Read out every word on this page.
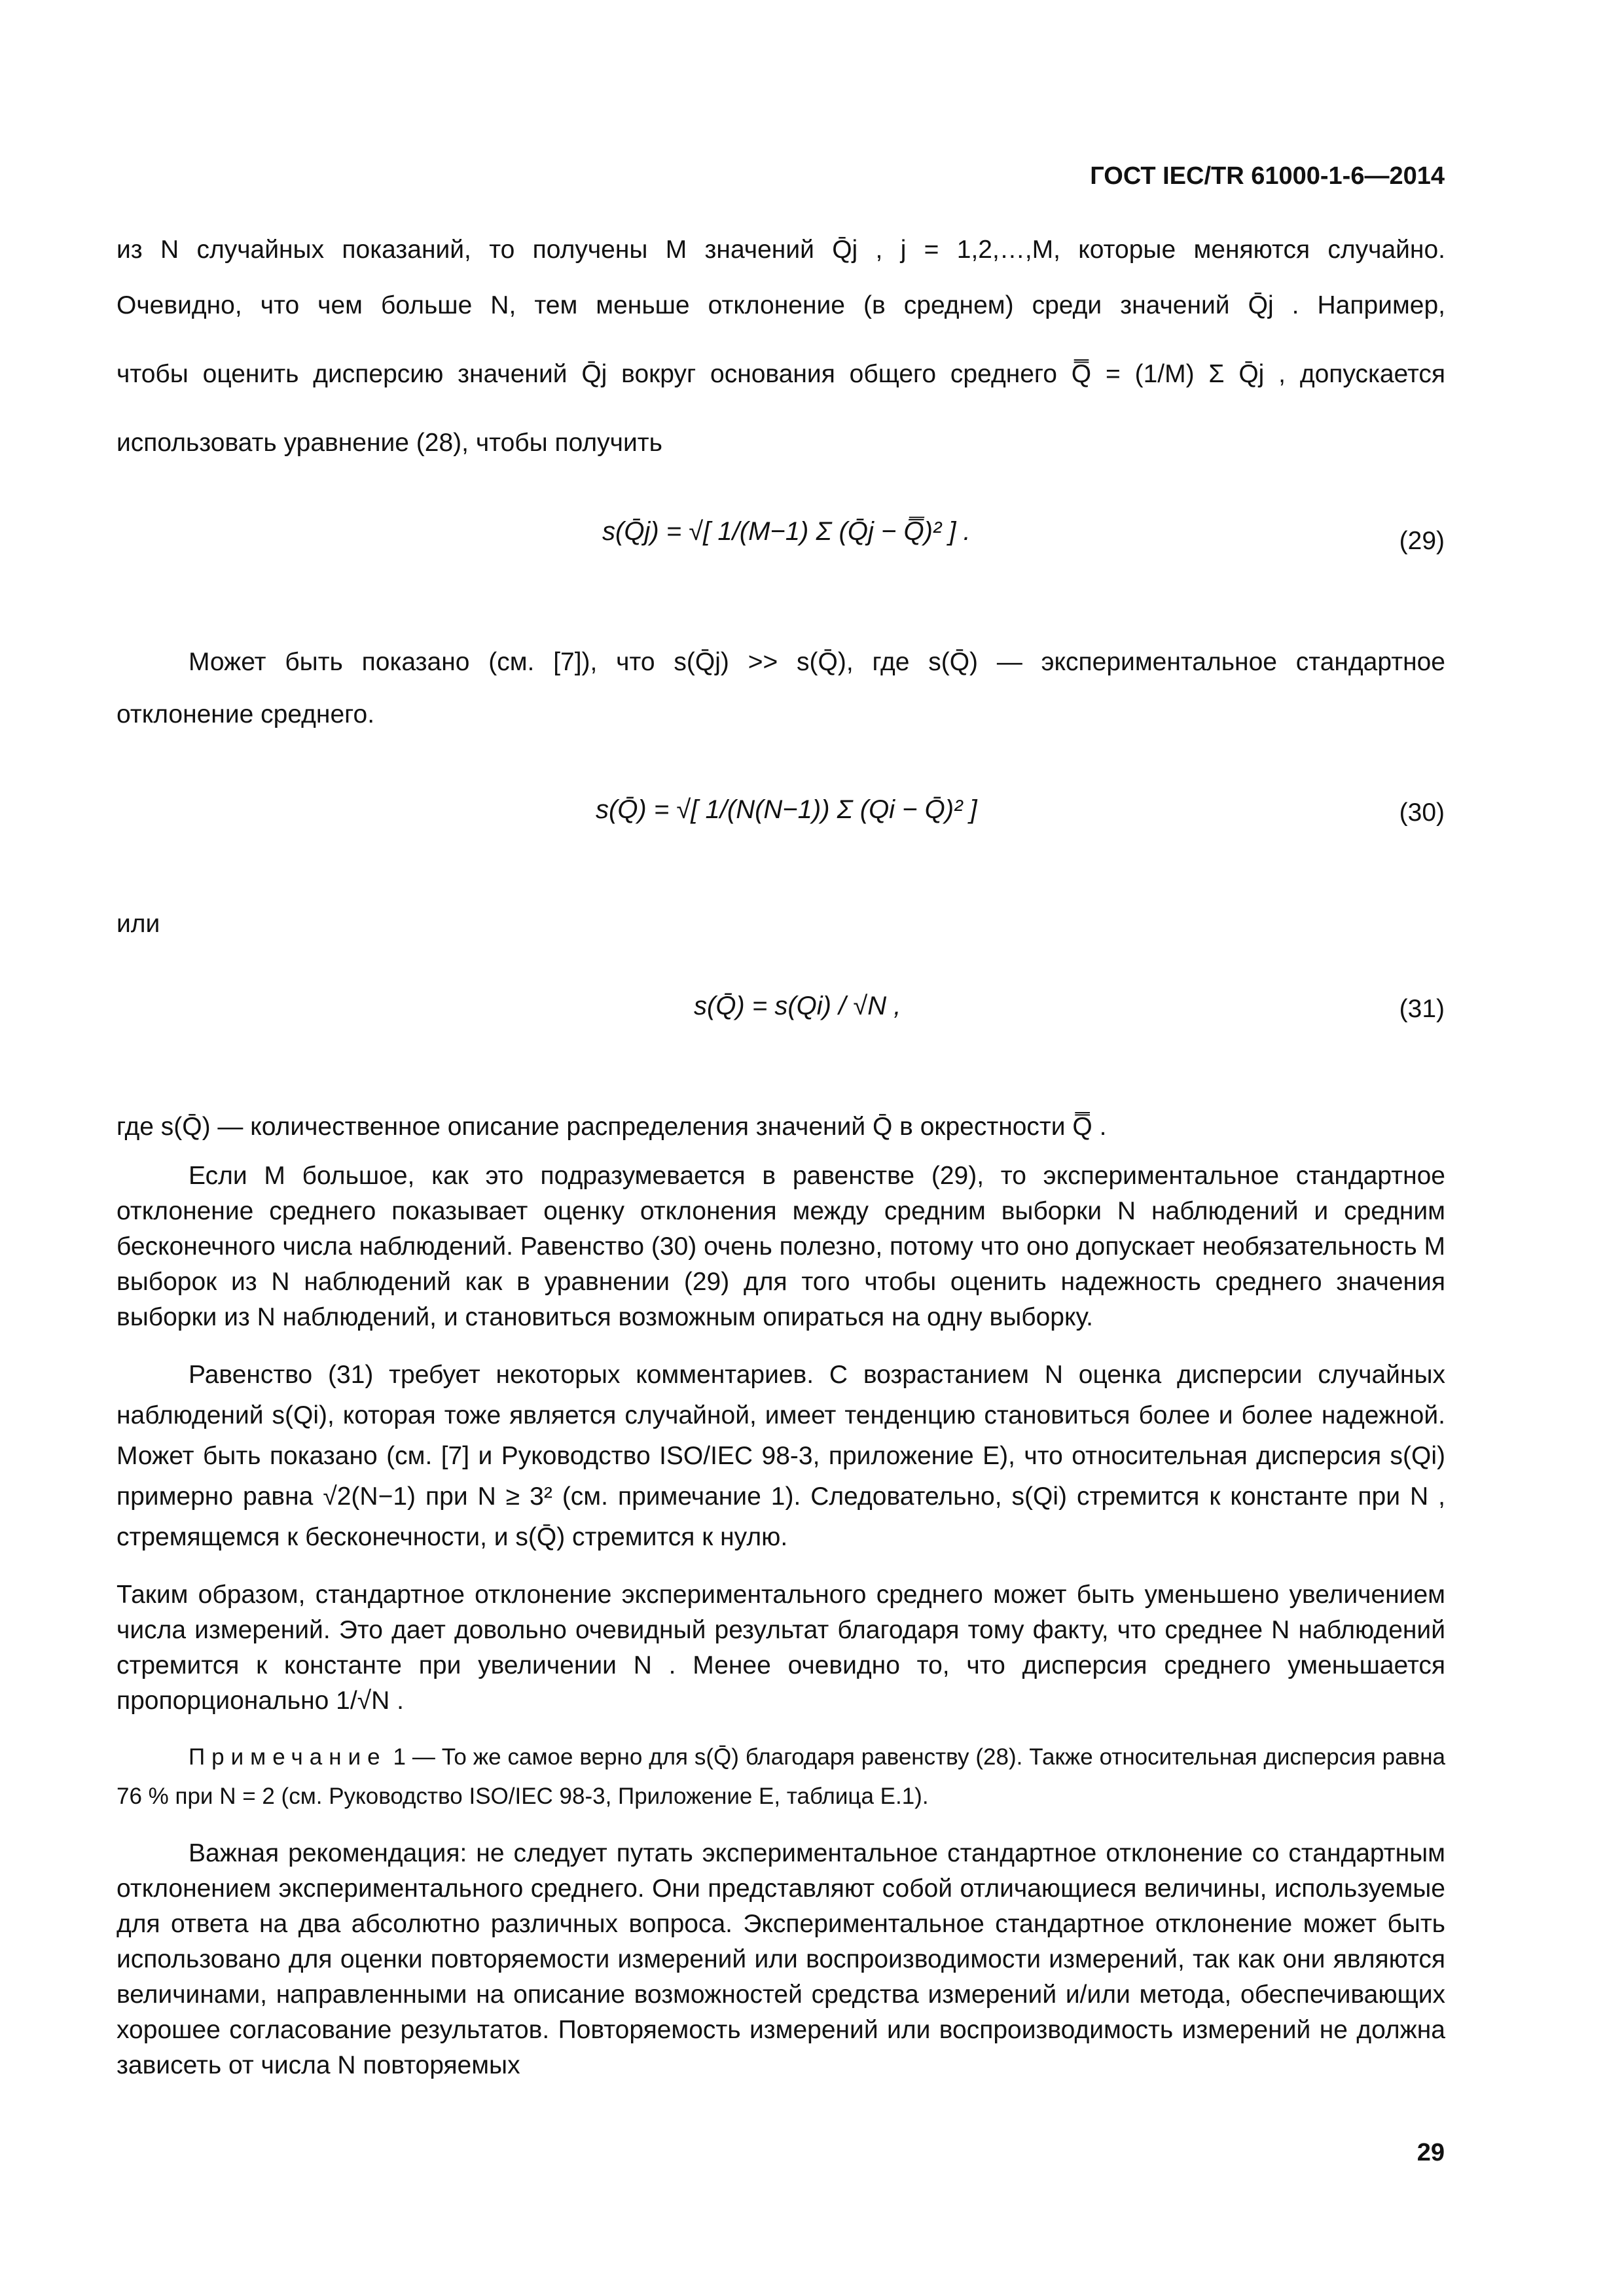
ГОСТ IEC/TR 61000-1-6—2014
из N случайных показаний, то получены M значений Q̄j , j = 1,2,…,M, которые меняются случайно.
Очевидно, что чем больше N, тем меньше отклонение (в среднем) среди значений Q̄j . Например,
чтобы оценить дисперсию значений Q̄j вокруг основания общего среднего Q̿ = (1/M) Σ Q̄j , допускается
использовать уравнение (28), чтобы получить
s(Q̄j) = √[ 1/(M−1) Σ (Q̄j − Q̿)² ] .	(29)
Может быть показано (см. [7]), что s(Q̄j) >> s(Q̄), где s(Q̄) — экспериментальное стандартное
отклонение среднего.
s(Q̄) = √[ 1/(N(N−1)) Σ (Qi − Q̄)² ]	(30)
или
s(Q̄) = s(Qi) / √N ,	(31)
где s(Q̄) — количественное описание распределения значений Q̄ в окрестности Q̿ .
Если M большое, как это подразумевается в равенстве (29), то экспериментальное стандартное отклонение среднего показывает оценку отклонения между средним выборки N наблюдений и средним бесконечного числа наблюдений. Равенство (30) очень полезно, потому что оно допускает необязательность M выборок из N наблюдений как в уравнении (29) для того чтобы оценить надежность среднего значения выборки из N наблюдений, и становиться возможным опираться на одну выборку.
Равенство (31) требует некоторых комментариев. С возрастанием N оценка дисперсии случайных наблюдений s(Qi), которая тоже является случайной, имеет тенденцию становиться более и более надежной. Может быть показано (см. [7] и Руководство ISO/IEC 98-3, приложение Е), что относительная дисперсия s(Qi) примерно равна √2(N−1) при N ≥ 3² (см. примечание 1). Следовательно, s(Qi) стремится к константе при N , стремящемся к бесконечности, и s(Q̄) стремится к нулю.
Таким образом, стандартное отклонение экспериментального среднего может быть уменьшено увеличением числа измерений. Это дает довольно очевидный результат благодаря тому факту, что среднее N наблюдений стремится к константе при увеличении N . Менее очевидно то, что дисперсия среднего уменьшается пропорционально 1/√N .
Примечание 1 — То же самое верно для s(Q̄) благодаря равенству (28). Также относительная дисперсия равна 76 % при N = 2 (см. Руководство ISO/IEC 98-3, Приложение Е, таблица Е.1).
Важная рекомендация: не следует путать экспериментальное стандартное отклонение со стандартным отклонением экспериментального среднего. Они представляют собой отличающиеся величины, используемые для ответа на два абсолютно различных вопроса. Экспериментальное стандартное отклонение может быть использовано для оценки повторяемости измерений или воспроизводимости измерений, так как они являются величинами, направленными на описание возможностей средства измерений и/или метода, обеспечивающих хорошее согласование результатов. Повторяемость измерений или воспроизводимость измерений не должна зависеть от числа N повторяемых
29
